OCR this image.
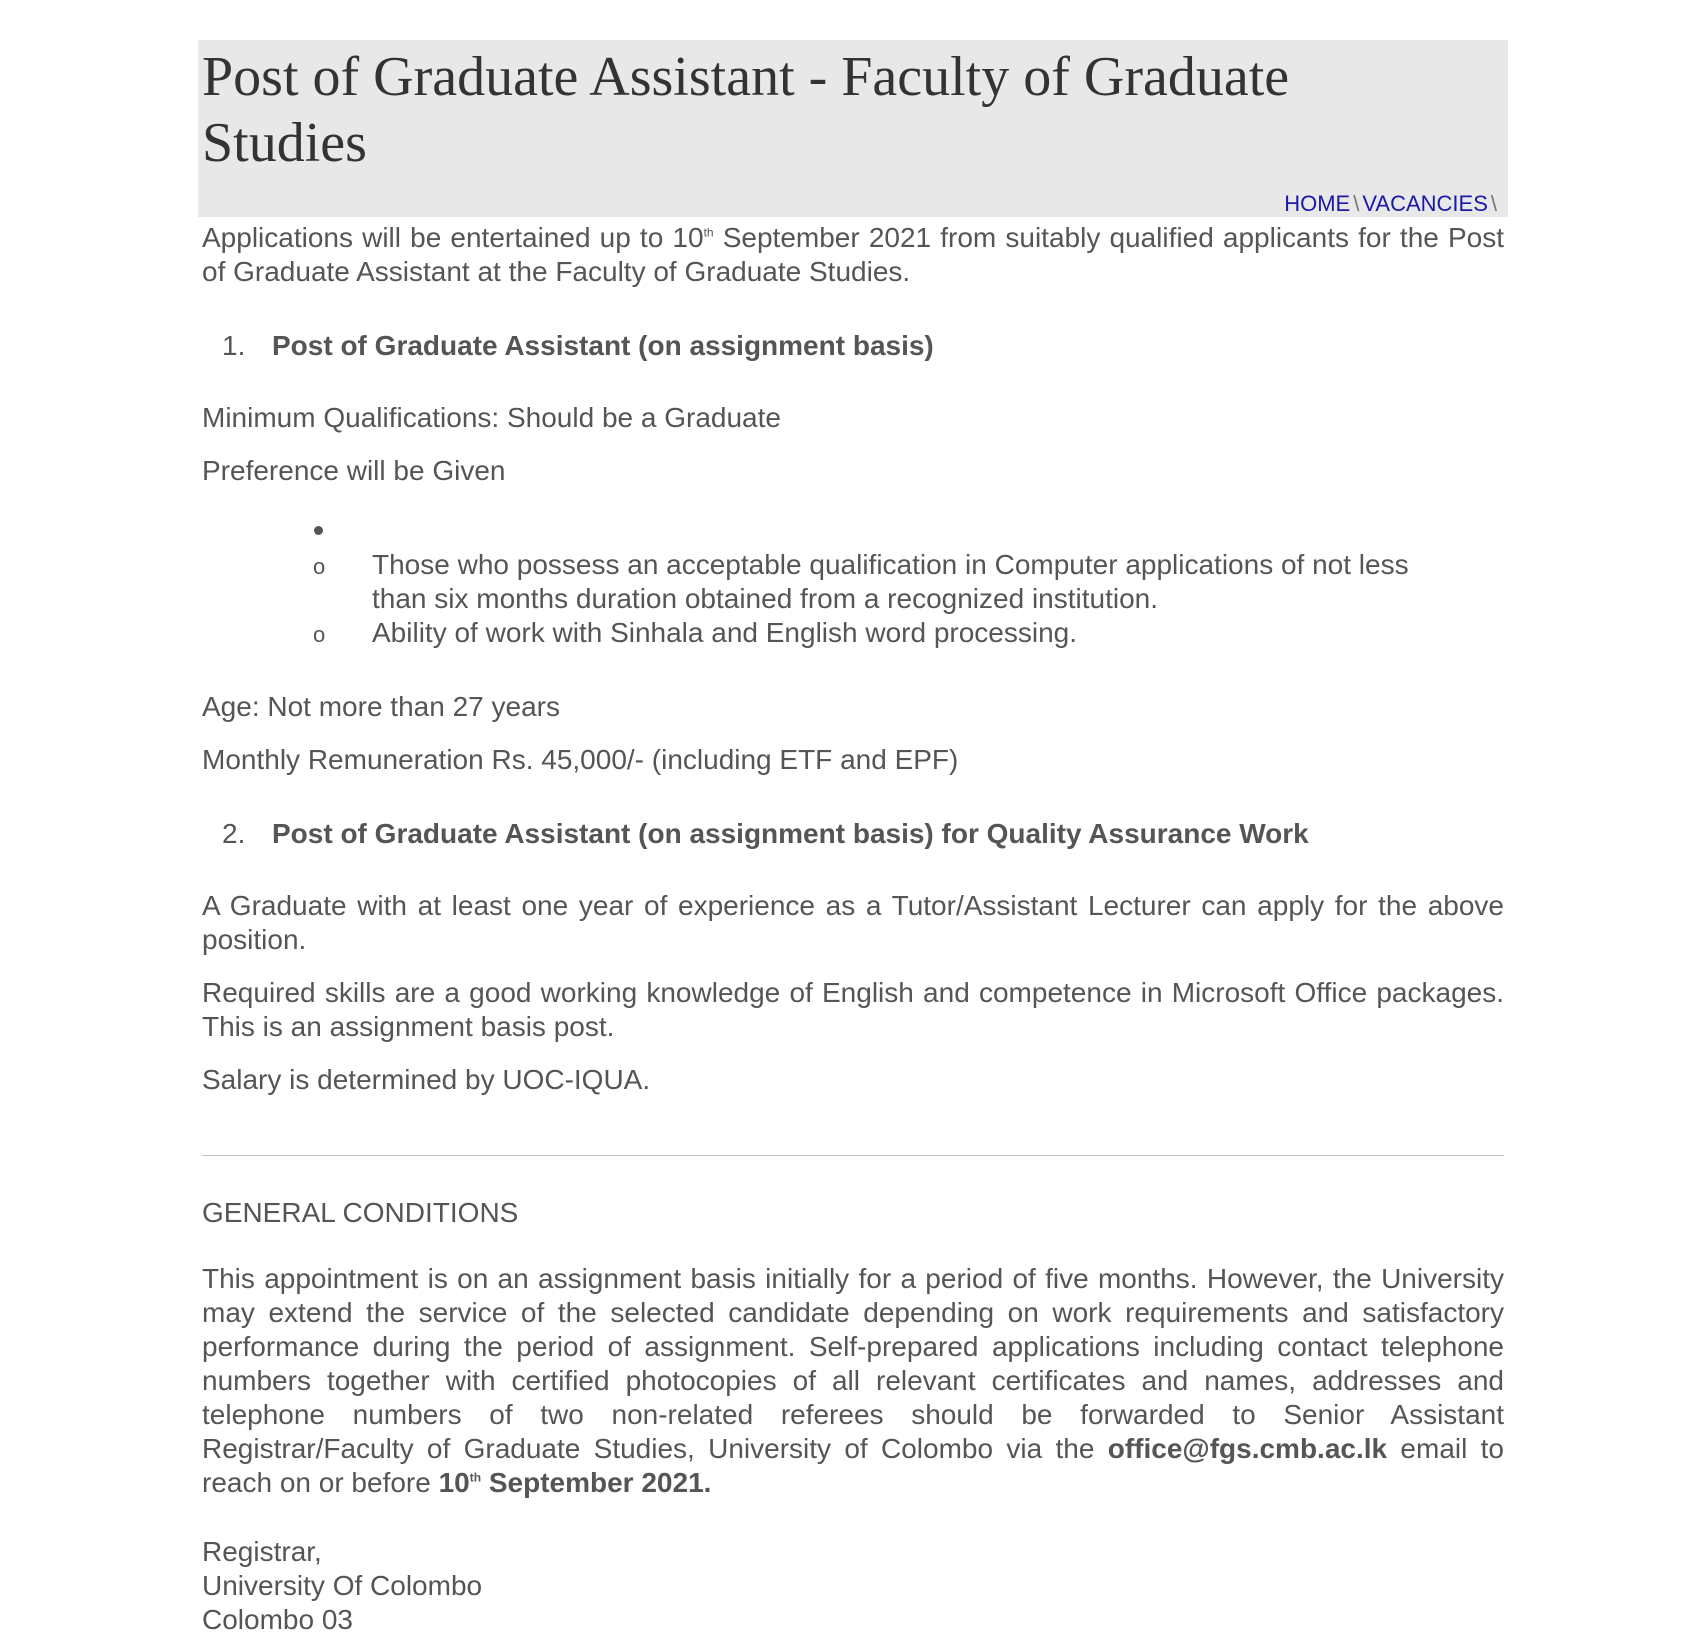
Post of Graduate Assistant - Faculty of Graduate Studies
HOME \ VACANCIES \

Applications will be entertained up to 10th September 2021 from suitably qualified applicants for the Post of Graduate Assistant at the Faculty of Graduate Studies.

1. Post of Graduate Assistant (on assignment basis)

Minimum Qualifications: Should be a Graduate

Preference will be Given

o	Those who possess an acceptable qualification in Computer applications of not less than six months duration obtained from a recognized institution.
o	Ability of work with Sinhala and English word processing.

Age: Not more than 27 years

Monthly Remuneration Rs. 45,000/- (including ETF and EPF)

2. Post of Graduate Assistant (on assignment basis) for Quality Assurance Work

A Graduate with at least one year of experience as a Tutor/Assistant Lecturer can apply for the above position.

Required skills are a good working knowledge of English and competence in Microsoft Office packages. This is an assignment basis post.

Salary is determined by UOC-IQUA.

GENERAL CONDITIONS

This appointment is on an assignment basis initially for a period of five months. However, the University may extend the service of the selected candidate depending on work requirements and satisfactory performance during the period of assignment. Self-prepared applications including contact telephone numbers together with certified photocopies of all relevant certificates and names, addresses and telephone numbers of two non-related referees should be forwarded to Senior Assistant Registrar/Faculty of Graduate Studies, University of Colombo via the office@fgs.cmb.ac.lk email to reach on or before 10th September 2021.

Registrar,

University Of Colombo

Colombo 03
